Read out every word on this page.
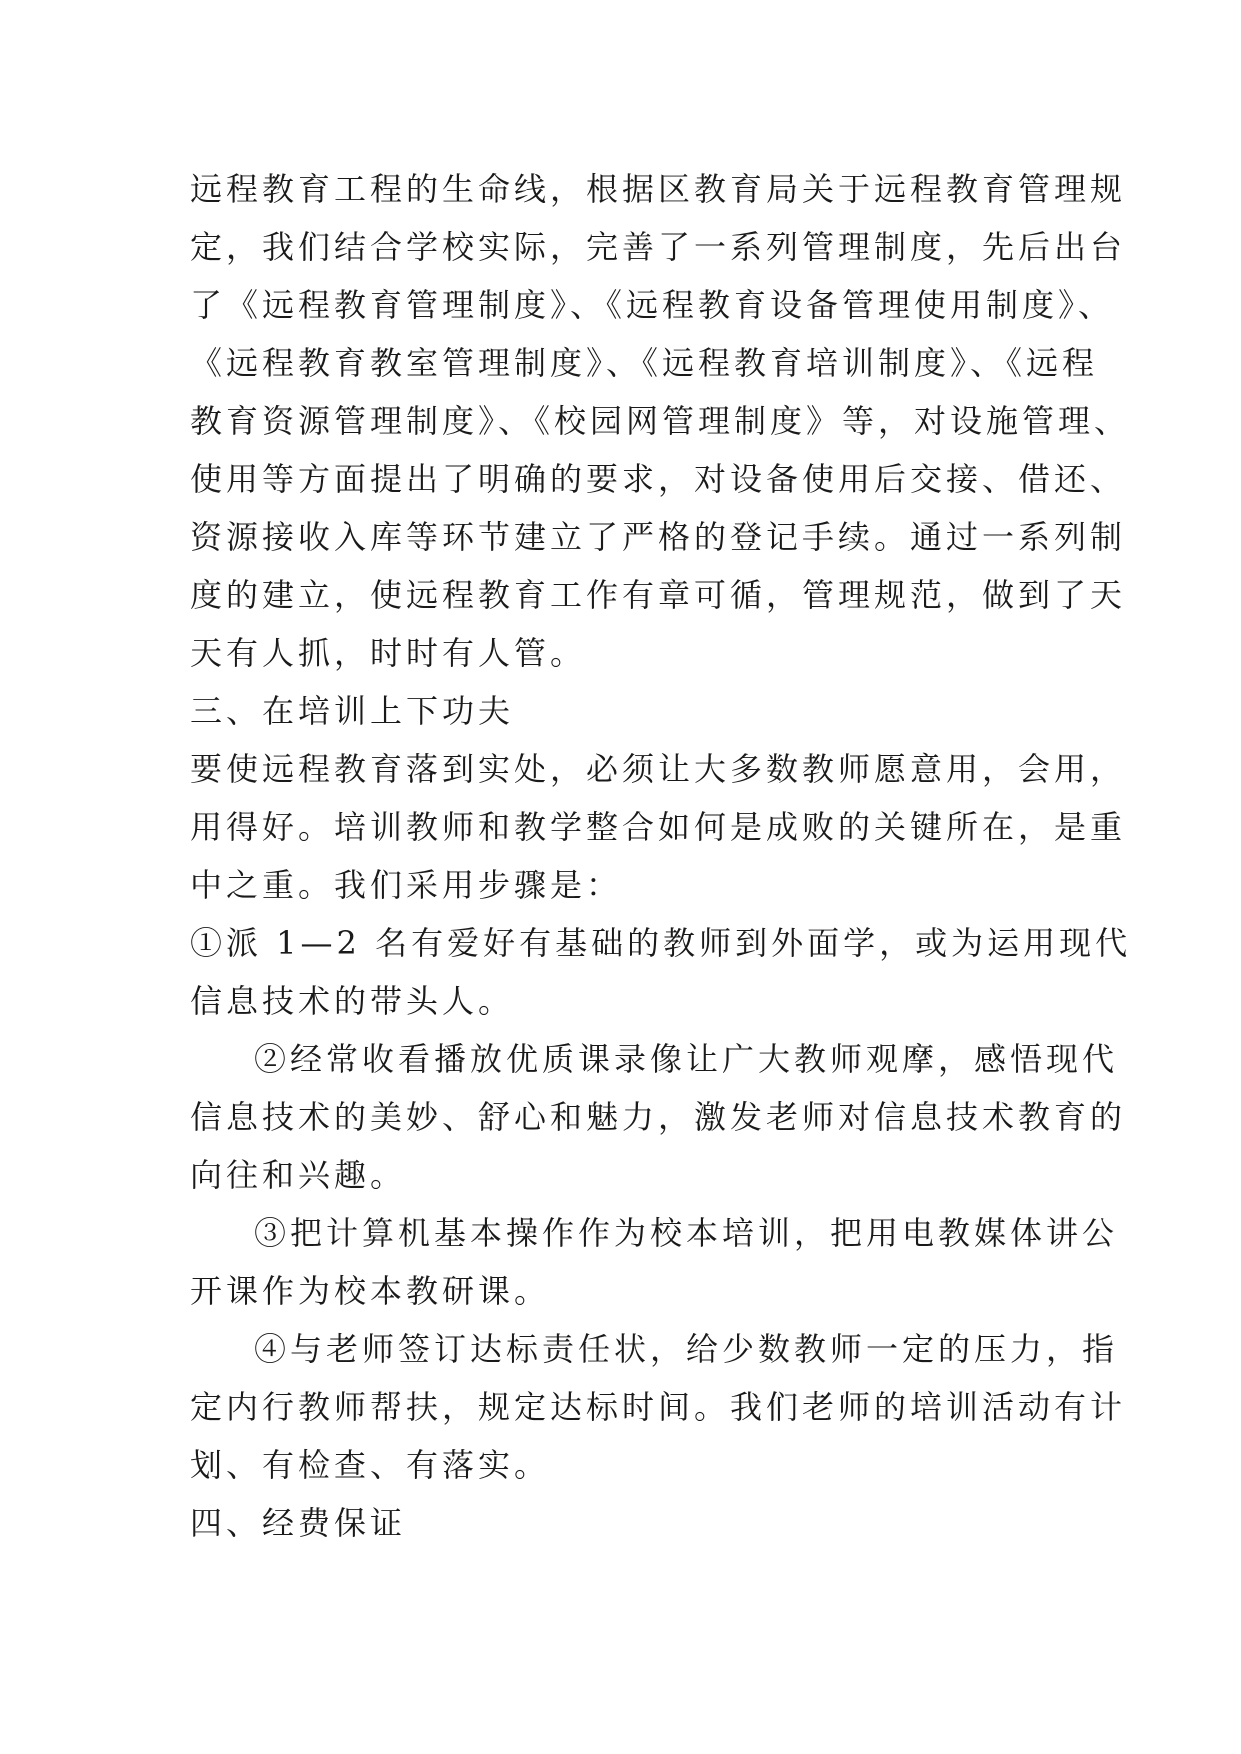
远程教育工程的生命线，根据区教育局关于远程教育管理规
定，我们结合学校实际，完善了一系列管理制度，先后出台
了《远程教育管理制度》、《远程教育设备管理使用制度》、
《远程教育教室管理制度》、《远程教育培训制度》、《远程
教育资源管理制度》、《校园网管理制度》等，对设施管理、
使用等方面提出了明确的要求，对设备使用后交接、借还、
资源接收入库等环节建立了严格的登记手续。通过一系列制
度的建立，使远程教育工作有章可循，管理规范，做到了天
天有人抓，时时有人管。
三、在培训上下功夫
要使远程教育落到实处，必须让大多数教师愿意用，会用，
用得好。培训教师和教学整合如何是成败的关键所在，是重
中之重。我们采用步骤是：
①派 1—2 名有爱好有基础的教师到外面学，或为运用现代
信息技术的带头人。
②经常收看播放优质课录像让广大教师观摩，感悟现代
信息技术的美妙、舒心和魅力，激发老师对信息技术教育的
向往和兴趣。
③把计算机基本操作作为校本培训，把用电教媒体讲公
开课作为校本教研课。
④与老师签订达标责任状，给少数教师一定的压力，指
定内行教师帮扶，规定达标时间。我们老师的培训活动有计
划、有检查、有落实。
四、经费保证
